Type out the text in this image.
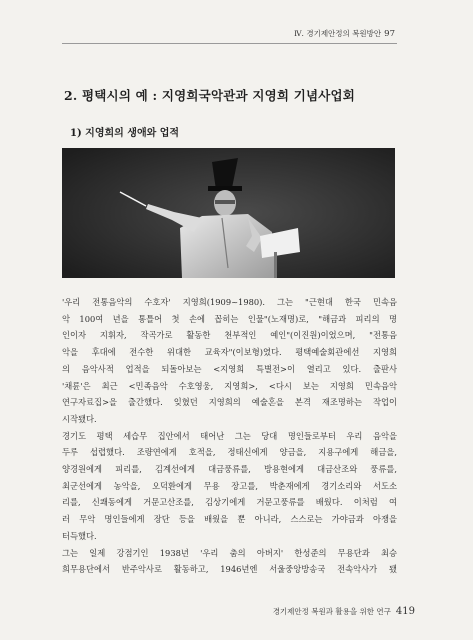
Ⅳ. 경기제안정의 복원방안 97
2. 평택시의 예 : 지영희국악관과 지영희 기념사업회
1) 지영희의 생애와 업적

'우리 전통음악의 수호자' 지영희(1909~1980). 그는 "근현대 한국 민속음

악 100여 년을 통틀어 첫 손에 꼽히는 인물"(노재명)로, "해금과 피리의 명

인이자 지휘자, 작곡가로 활동한 천부적인 예인"(이진원)이었으며, "전통음

악을 후대에 전수한 위대한 교육자"(이보형)였다. 평택예술회관에선 지영희

의 음악사적 업적을 되돌아보는 <지영희 특별전>이 열리고 있다. 출판사

'채륜'은 최근 <민족음악 수호영웅, 지영희>, <다시 보는 지영희 민속음악

연구자료집>을 출간했다. 잊혔던 지영희의 예술혼을 본격 재조명하는 작업이

시작됐다.

경기도 평택 세습무 집안에서 태어난 그는 당대 명인들로부터 우리 음악을

두루 섭렵했다. 조량연에게 호적을, 정태신에게 양금을, 지용구에게 해금을,

양경원에게 피리를, 김계선에게 대금풍류를, 방용현에게 대금산조와 풍류를,

최군선에게 농악을, 오덕환에게 무용 장고를, 박춘재에게 경기소리와 서도소

리를, 신쾌동에게 거문고산조를, 김상기에게 거문고풍류를 배웠다. 이처럼 여

러 무악 명인들에게 장단 등을 배웠을 뿐 아니라, 스스로는 가야금과 아쟁을

터득했다.

그는 일제 강점기인 1938년 '우리 춤의 아버지' 한성준의 무용단과 최승

희무용단에서 반주악사로 활동하고, 1946년엔 서울중앙방송국 전속악사가 됐

경기제안정 복원과 활용을 위한 연구 419
